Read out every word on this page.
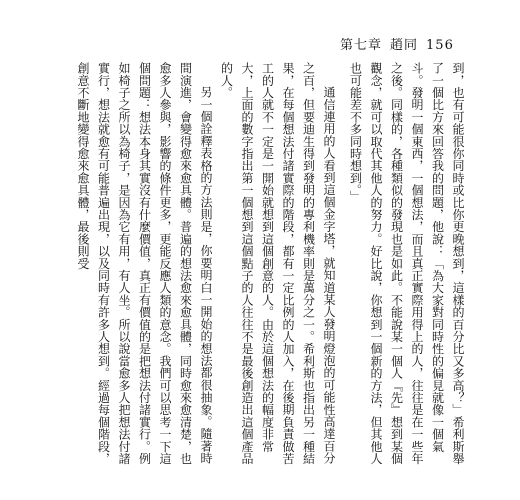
第七章 趙同 156

到，也有可能很你同時或比你更晚想到，這樣的百分比又多高？」希利斯舉了一個比方來回答我的問題，他說：「為大家對同時性的偏見就像一個氣斗。發明一個東西，一個想法，而且真正實際用得上的人，往往是在一些年之後。同樣的，各種類似的發現也是如此。不能說某一個人『先』想到某個觀念，就可以取代其他人的努力。好比說，你想到一個新的方法，但其他人也可能差不多同時想到。」

通信連用的人看到這個金字塔，就知道某人發明燈泡的可能性高達百分之百，但要迪生得到發明的專利機率則是萬分之一。希利斯也指出另一種結果，在每個想法付諸實際的階段，都有一定比例的人加入，在後期負責做苦工的人就不一定是一開始就想到這個創意的人。由於這個想法的幅度非常大，上面的數字指出第一個想到這個點子的人往往不是最後創造出這個產品的人。

另一個詮釋表格的方法則是，你要明白一開始的想法都很抽象。隨著時間演進，會變得愈來愈具體。普遍的想法愈來愈具體，同時愈來愈清楚，也愈多人參與，影響的條件更多，更能反應人類的意念。我們可以思考一下這個問題：想法本身其實沒有什麼價值，真正有價值的是把想法付諸實行。例如椅子之所以為椅子，是因為它有用，有人坐。所以說當愈多人把想法付諸實行，想法就愈有可能普遍出現，以及同時有許多人想到。經過每個階段，創意不斷地變得愈來愈具體，最後則受
